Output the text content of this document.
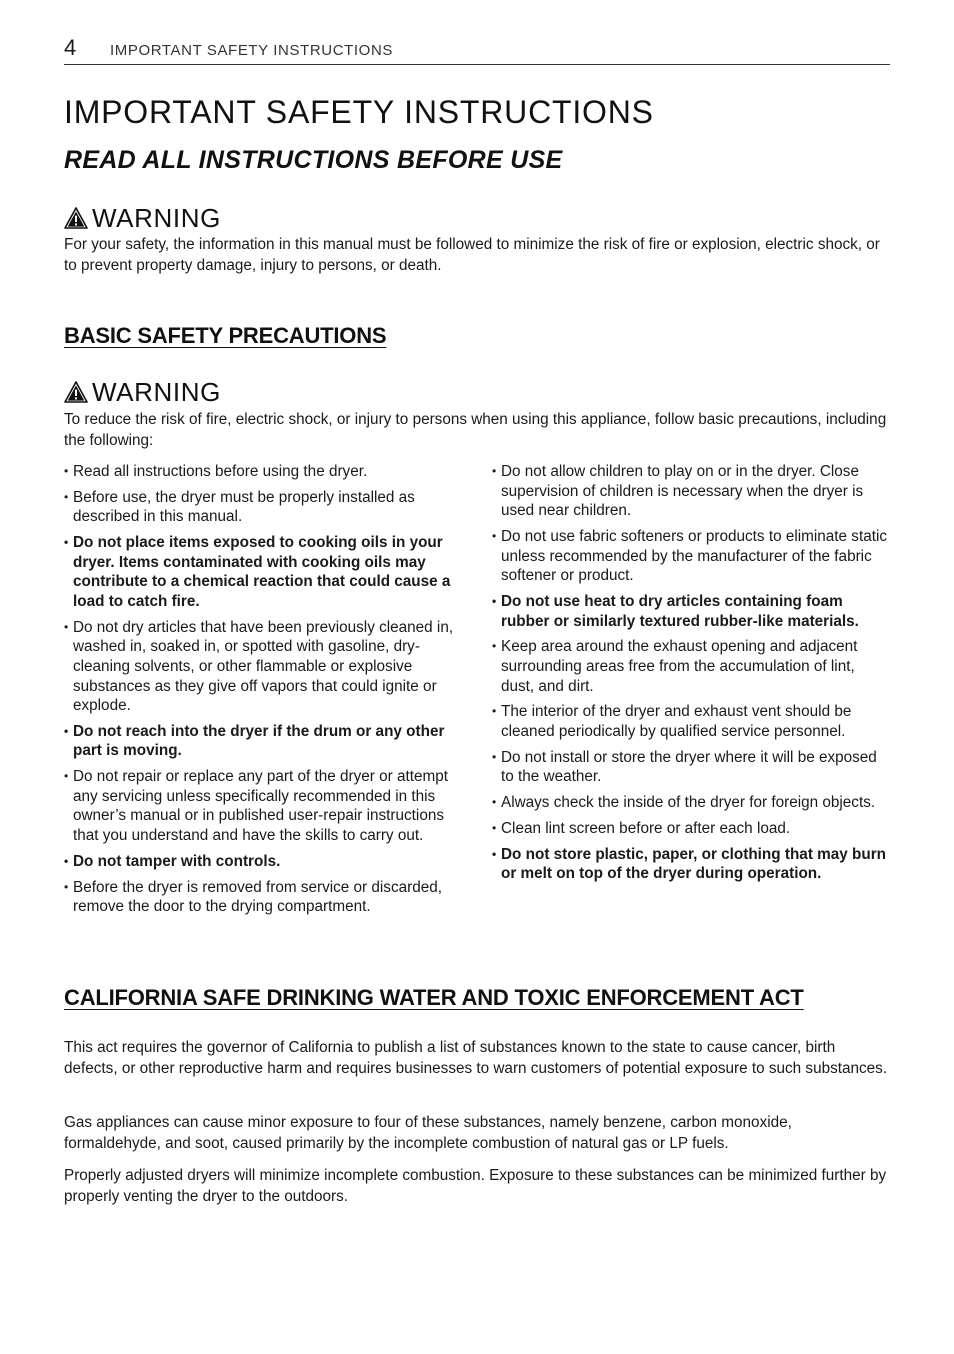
4 IMPORTANT SAFETY INSTRUCTIONS
IMPORTANT SAFETY INSTRUCTIONS
READ ALL INSTRUCTIONS BEFORE USE
WARNING

For your safety, the information in this manual must be followed to minimize the risk of fire or explosion, electric shock, or to prevent property damage, injury to persons, or death.

BASIC SAFETY PRECAUTIONS
WARNING

To reduce the risk of fire, electric shock, or injury to persons when using this appliance, follow basic precautions, including the following:

• Read all instructions before using the dryer.
• Before use, the dryer must be properly installed as described in this manual.
• Do not place items exposed to cooking oils in your dryer. Items contaminated with cooking oils may contribute to a chemical reaction that could cause a load to catch fire.
• Do not dry articles that have been previously cleaned in, washed in, soaked in, or spotted with gasoline, dry-cleaning solvents, or other flammable or explosive substances as they give off vapors that could ignite or explode.
• Do not reach into the dryer if the drum or any other part is moving.
• Do not repair or replace any part of the dryer or attempt any servicing unless specifically recommended in this owner’s manual or in published user-repair instructions that you understand and have the skills to carry out.
• Do not tamper with controls.
• Before the dryer is removed from service or discarded, remove the door to the drying compartment.
• Do not allow children to play on or in the dryer. Close supervision of children is necessary when the dryer is used near children.
• Do not use fabric softeners or products to eliminate static unless recommended by the manufacturer of the fabric softener or product.
• Do not use heat to dry articles containing foam rubber or similarly textured rubber-like materials.
• Keep area around the exhaust opening and adjacent surrounding areas free from the accumulation of lint, dust, and dirt.
• The interior of the dryer and exhaust vent should be cleaned periodically by qualified service personnel.
• Do not install or store the dryer where it will be exposed to the weather.
• Always check the inside of the dryer for foreign objects.
• Clean lint screen before or after each load.
• Do not store plastic, paper, or clothing that may burn or melt on top of the dryer during operation.
CALIFORNIA SAFE DRINKING WATER AND TOXIC ENFORCEMENT ACT

This act requires the governor of California to publish a list of substances known to the state to cause cancer, birth defects, or other reproductive harm and requires businesses to warn customers of potential exposure to such substances.

Gas appliances can cause minor exposure to four of these substances, namely benzene, carbon monoxide, formaldehyde, and soot, caused primarily by the incomplete combustion of natural gas or LP fuels.

Properly adjusted dryers will minimize incomplete combustion. Exposure to these substances can be minimized further by properly venting the dryer to the outdoors.
